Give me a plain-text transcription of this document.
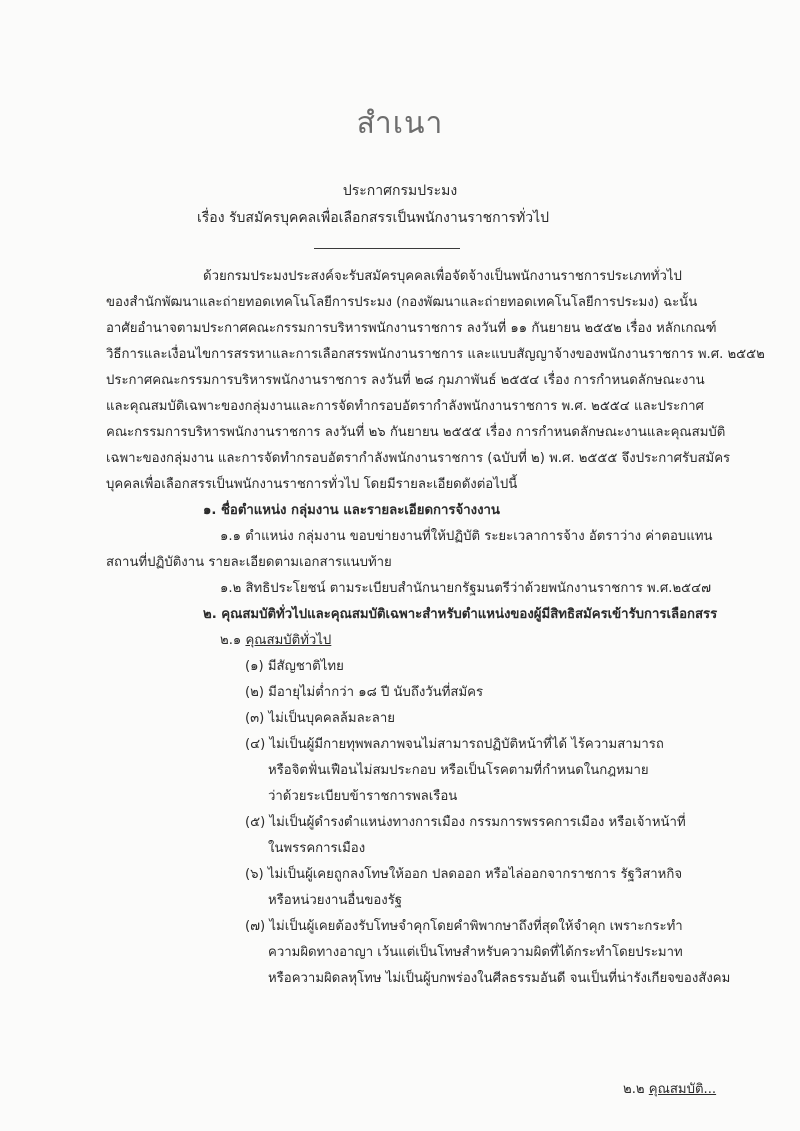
สำเนา
ประกาศกรมประมง
เรื่อง รับสมัครบุคคลเพื่อเลือกสรรเป็นพนักงานราชการทั่วไป
ด้วยกรมประมงประสงค์จะรับสมัครบุคคลเพื่อจัดจ้างเป็นพนักงานราชการประเภททั่วไป
ของสำนักพัฒนาและถ่ายทอดเทคโนโลยีการประมง (กองพัฒนาและถ่ายทอดเทคโนโลยีการประมง) ฉะนั้น
อาศัยอำนาจตามประกาศคณะกรรมการบริหารพนักงานราชการ ลงวันที่ ๑๑ กันยายน ๒๕๕๒ เรื่อง หลักเกณฑ์
วิธีการและเงื่อนไขการสรรหาและการเลือกสรรพนักงานราชการ และแบบสัญญาจ้างของพนักงานราชการ พ.ศ. ๒๕๕๒
ประกาศคณะกรรมการบริหารพนักงานราชการ ลงวันที่ ๒๘ กุมภาพันธ์ ๒๕๕๔ เรื่อง การกำหนดลักษณะงาน
และคุณสมบัติเฉพาะของกลุ่มงานและการจัดทำกรอบอัตรากำลังพนักงานราชการ พ.ศ. ๒๕๕๔ และประกาศ
คณะกรรมการบริหารพนักงานราชการ ลงวันที่ ๒๖ กันยายน ๒๕๕๕ เรื่อง การกำหนดลักษณะงานและคุณสมบัติ
เฉพาะของกลุ่มงาน และการจัดทำกรอบอัตรากำลังพนักงานราชการ (ฉบับที่ ๒) พ.ศ. ๒๕๕๕ จึงประกาศรับสมัคร
บุคคลเพื่อเลือกสรรเป็นพนักงานราชการทั่วไป โดยมีรายละเอียดดังต่อไปนี้
๑. ชื่อตำแหน่ง กลุ่มงาน และรายละเอียดการจ้างงาน
๑.๑ ตำแหน่ง กลุ่มงาน ขอบข่ายงานที่ให้ปฏิบัติ ระยะเวลาการจ้าง อัตราว่าง ค่าตอบแทน
สถานที่ปฏิบัติงาน รายละเอียดตามเอกสารแนบท้าย
๑.๒ สิทธิประโยชน์ ตามระเบียบสำนักนายกรัฐมนตรีว่าด้วยพนักงานราชการ พ.ศ.๒๕๔๗
๒. คุณสมบัติทั่วไปและคุณสมบัติเฉพาะสำหรับตำแหน่งของผู้มีสิทธิสมัครเข้ารับการเลือกสรร
๒.๑ คุณสมบัติทั่วไป
(๑) มีสัญชาติไทย
(๒) มีอายุไม่ต่ำกว่า ๑๘ ปี นับถึงวันที่สมัคร
(๓) ไม่เป็นบุคคลล้มละลาย
(๔) ไม่เป็นผู้มีกายทุพพลภาพจนไม่สามารถปฏิบัติหน้าที่ได้ ไร้ความสามารถ
หรือจิตฟั่นเฟือนไม่สมประกอบ หรือเป็นโรคตามที่กำหนดในกฎหมาย
ว่าด้วยระเบียบข้าราชการพลเรือน
(๕) ไม่เป็นผู้ดำรงตำแหน่งทางการเมือง กรรมการพรรคการเมือง หรือเจ้าหน้าที่
ในพรรคการเมือง
(๖) ไม่เป็นผู้เคยถูกลงโทษให้ออก ปลดออก หรือไล่ออกจากราชการ รัฐวิสาหกิจ
หรือหน่วยงานอื่นของรัฐ
(๗) ไม่เป็นผู้เคยต้องรับโทษจำคุกโดยคำพิพากษาถึงที่สุดให้จำคุก เพราะกระทำ
ความผิดทางอาญา เว้นแต่เป็นโทษสำหรับความผิดที่ได้กระทำโดยประมาท
หรือความผิดลหุโทษ ไม่เป็นผู้บกพร่องในศีลธรรมอันดี จนเป็นที่น่ารังเกียจของสังคม
๒.๒ คุณสมบัติ...
